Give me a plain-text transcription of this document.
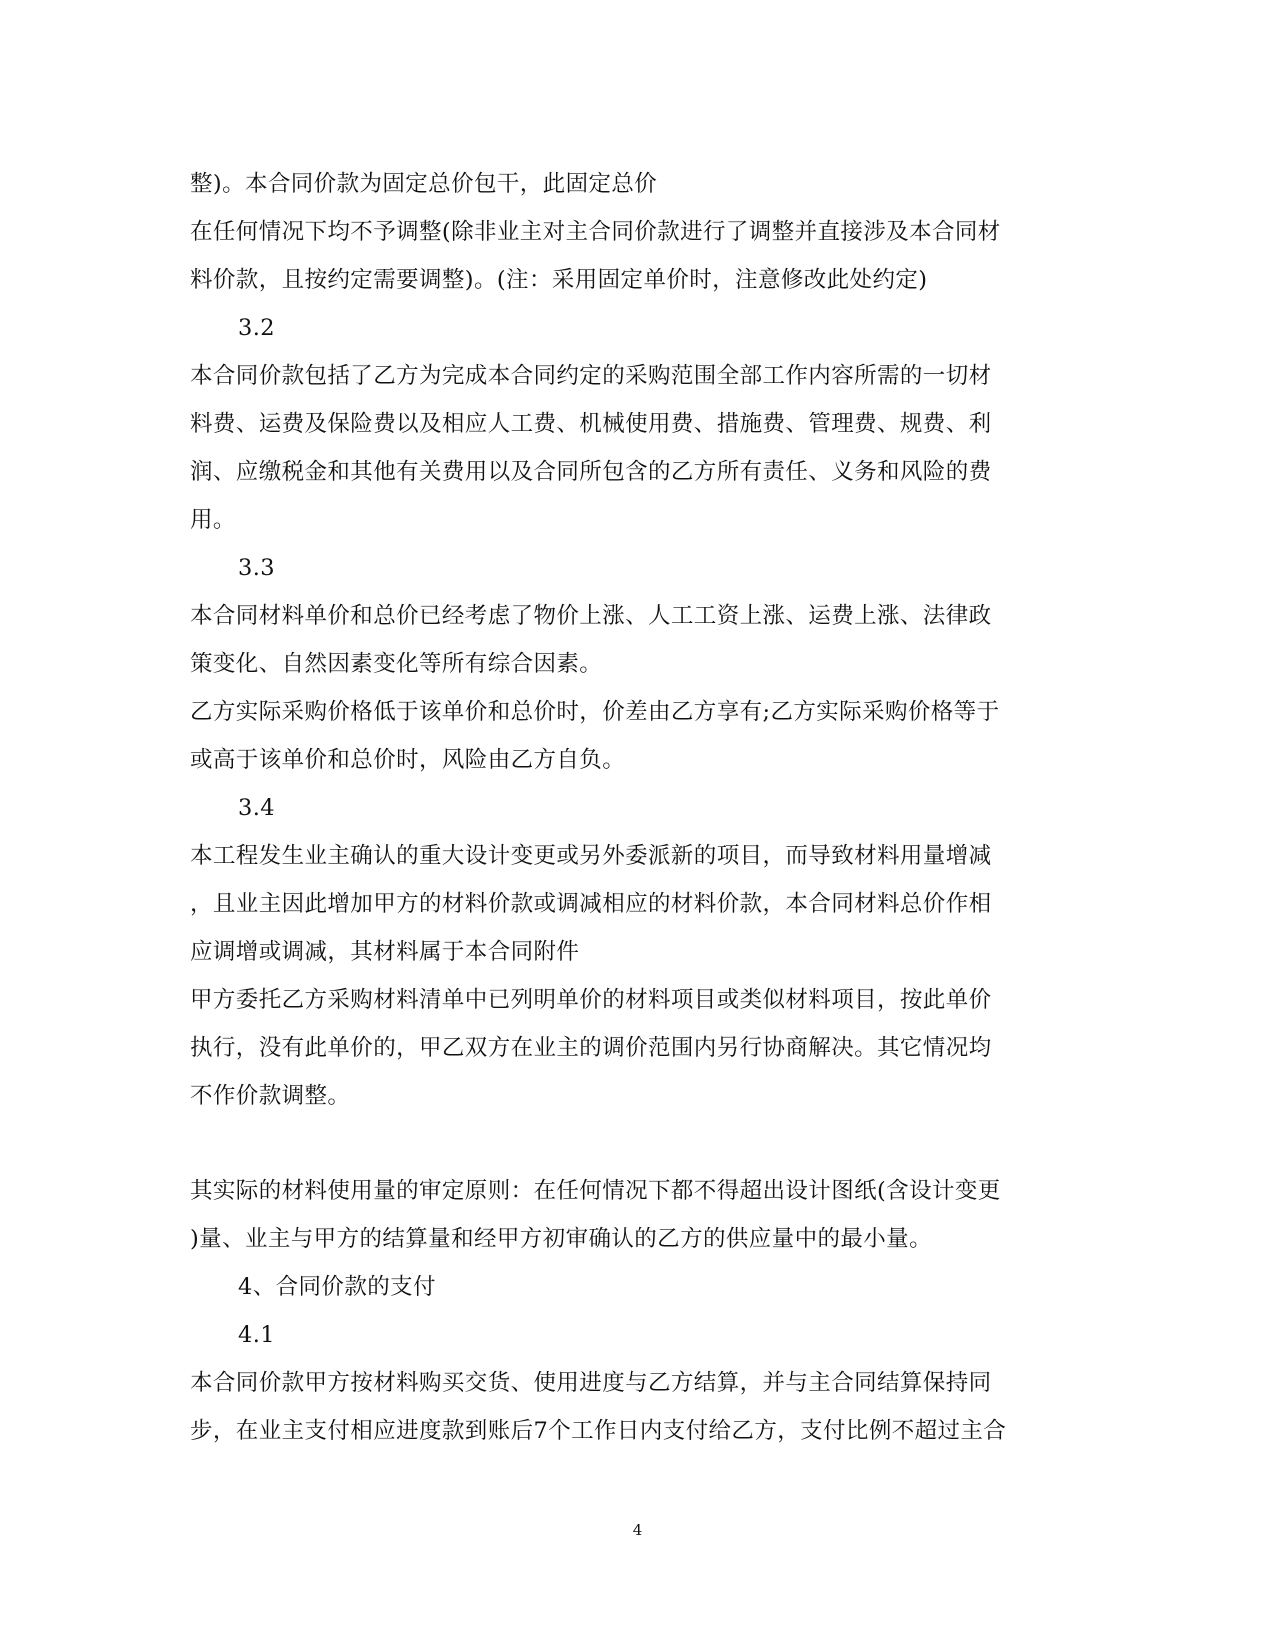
整)。本合同价款为固定总价包干，此固定总价
在任何情况下均不予调整(除非业主对主合同价款进行了调整并直接涉及本合同材
料价款，且按约定需要调整)。(注：采用固定单价时，注意修改此处约定)
3.2
本合同价款包括了乙方为完成本合同约定的采购范围全部工作内容所需的一切材
料费、运费及保险费以及相应人工费、机械使用费、措施费、管理费、规费、利
润、应缴税金和其他有关费用以及合同所包含的乙方所有责任、义务和风险的费
用。
3.3
本合同材料单价和总价已经考虑了物价上涨、人工工资上涨、运费上涨、法律政
策变化、自然因素变化等所有综合因素。
乙方实际采购价格低于该单价和总价时，价差由乙方享有;乙方实际采购价格等于
或高于该单价和总价时，风险由乙方自负。
3.4
本工程发生业主确认的重大设计变更或另外委派新的项目，而导致材料用量增减
，且业主因此增加甲方的材料价款或调减相应的材料价款，本合同材料总价作相
应调增或调减，其材料属于本合同附件
甲方委托乙方采购材料清单中已列明单价的材料项目或类似材料项目，按此单价
执行，没有此单价的，甲乙双方在业主的调价范围内另行协商解决。其它情况均
不作价款调整。
其实际的材料使用量的审定原则：在任何情况下都不得超出设计图纸(含设计变更
)量、业主与甲方的结算量和经甲方初审确认的乙方的供应量中的最小量。
4、合同价款的支付
4.1
本合同价款甲方按材料购买交货、使用进度与乙方结算，并与主合同结算保持同
步，在业主支付相应进度款到账后7个工作日内支付给乙方，支付比例不超过主合
4
